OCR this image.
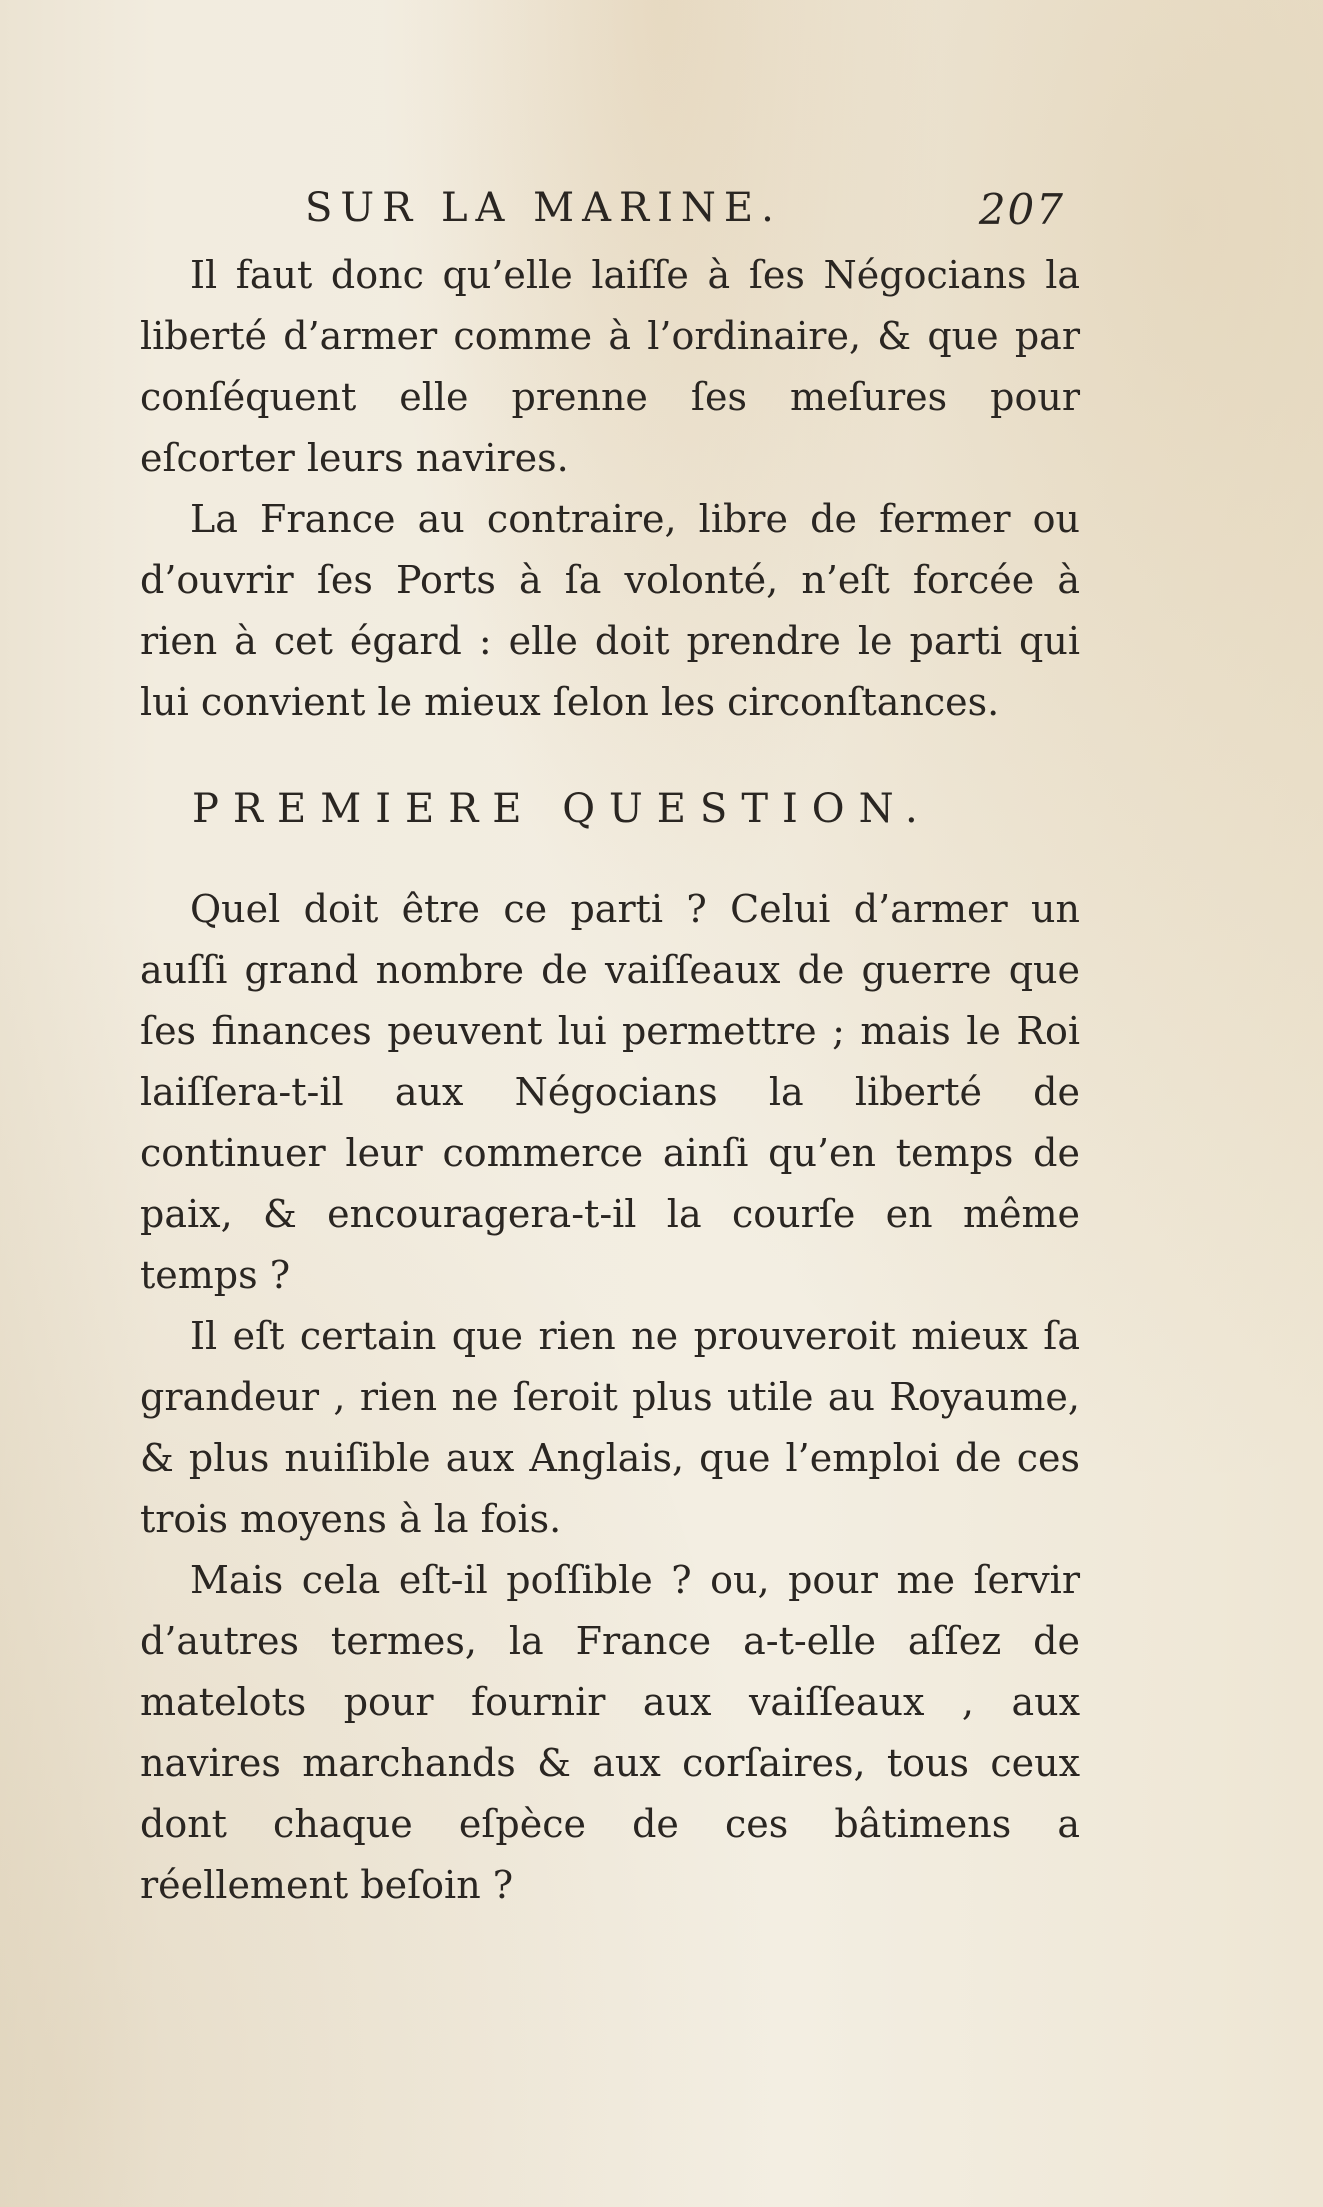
SUR LA MARINE.	207

Il faut donc qu’elle laiſſe à ſes Négocians la liberté d’armer comme à l’ordinaire, & que par conſéquent elle prenne ſes meſures pour eſcorter leurs navires.

La France au contraire, libre de fermer ou d’ouvrir ſes Ports à ſa volonté, n’eſt forcée à rien à cet égard : elle doit prendre le parti qui lui convient le mieux ſelon les circonſtances.

PREMIERE QUESTION.

Quel doit être ce parti ? Celui d’armer un auſſi grand nombre de vaiſſeaux de guerre que ſes finances peuvent lui permettre ; mais le Roi laiſſera-t-il aux Négocians la liberté de continuer leur commerce ainſi qu’en temps de paix, & encouragera-t-il la courſe en même temps ?

Il eſt certain que rien ne prouveroit mieux ſa grandeur , rien ne ſeroit plus utile au Royaume, & plus nuiſible aux Anglais, que l’emploi de ces trois moyens à la fois.

Mais cela eſt-il poſſible ? ou, pour me ſervir d’autres termes, la France a-t-elle aſſez de matelots pour fournir aux vaiſſeaux , aux navires marchands & aux corſaires, tous ceux dont chaque eſpèce de ces bâtimens a réellement beſoin ?
